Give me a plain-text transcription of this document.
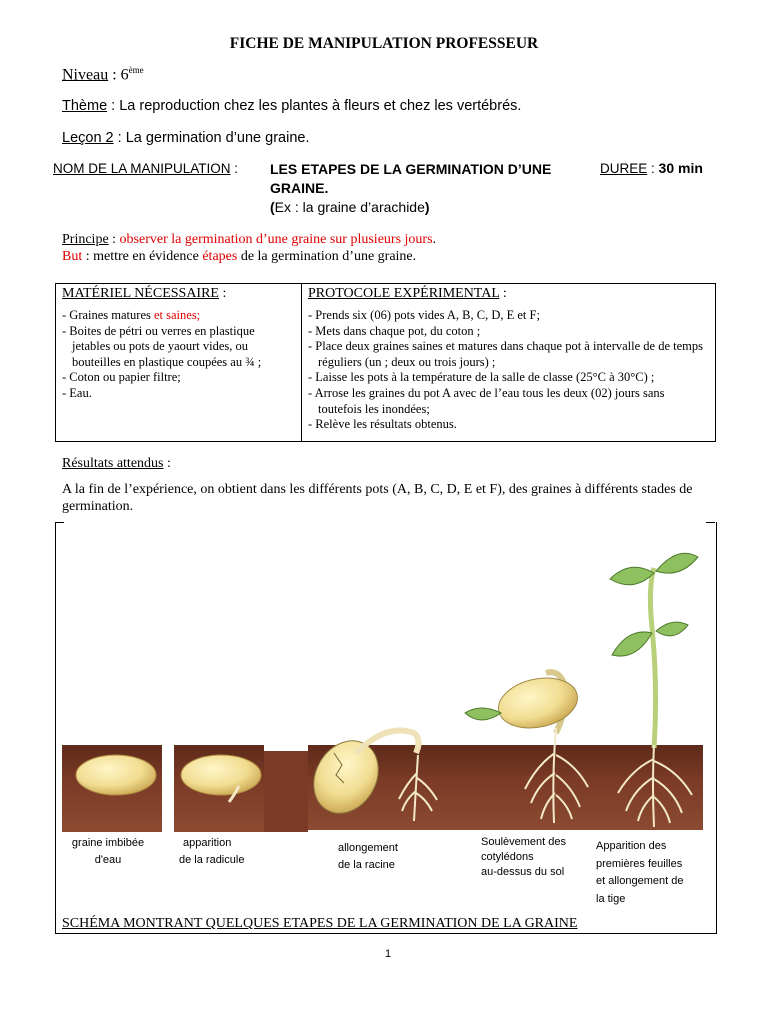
FICHE DE MANIPULATION PROFESSEUR
Niveau : 6ème
Thème : La reproduction chez les plantes à fleurs et chez les vertébrés.
Leçon 2 : La germination d’une graine.
NOM DE LA MANIPULATION : LES ETAPES DE LA GERMINATION D’UNE
GRAINE.
(Ex : la graine d’arachide)
DUREE : 30 min
Principe : observer la germination d’une graine sur plusieurs jours.
But : mettre en évidence étapes de la germination d’une graine.
MATÉRIEL NÉCESSAIRE :
- Graines matures et saines;
- Boites de pétri ou verres en plastique jetables ou pots de yaourt vides, ou bouteilles en plastique coupées au ¾ ;
- Coton ou papier filtre;
- Eau.

PROTOCOLE EXPÉRIMENTAL :
- Prends six (06) pots vides A, B, C, D, E et F;
- Mets dans chaque pot, du coton ;
- Place deux graines saines et matures dans chaque pot à intervalle de de temps réguliers (un ; deux ou trois jours) ;
- Laisse les pots à la température de la salle de classe (25°C à 30°C) ;
- Arrose les graines du pot A avec de l’eau tous les deux (02) jours sans toutefois les inondées;
- Relève les résultats obtenus.
Résultats attendus :
A la fin de l’expérience, on obtient dans les différents pots (A, B, C, D, E et F), des graines à différents stades de germination.
graine imbibée
d'eau
apparition
de la radicule
allongement
de la racine
Soulèvement des
cotylédons
au-dessus du sol
Apparition des
premières feuilles
et allongement de
la tige
SCHÉMA MONTRANT QUELQUES ETAPES DE LA GERMINATION DE LA GRAINE
1
